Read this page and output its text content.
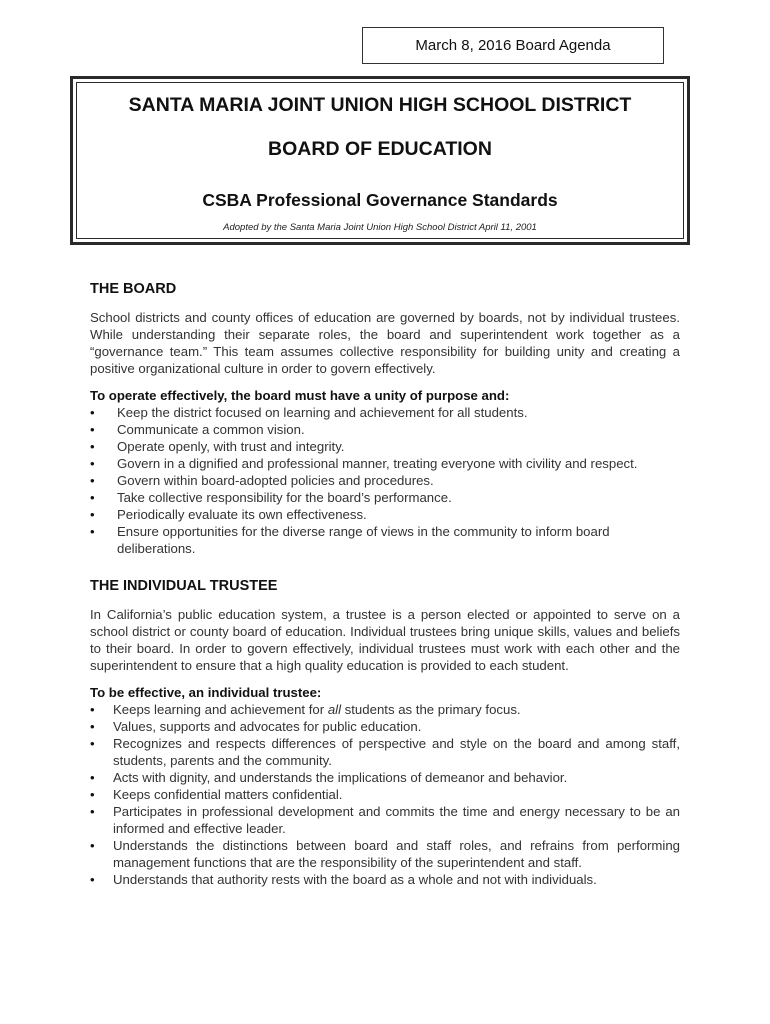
March 8, 2016 Board Agenda
SANTA MARIA JOINT UNION HIGH SCHOOL DISTRICT
BOARD OF EDUCATION
CSBA Professional Governance Standards
Adopted by the Santa Maria Joint Union High School District April 11, 2001
THE BOARD

School districts and county offices of education are governed by boards, not by individual trustees. While understanding their separate roles, the board and superintendent work together as a “governance team.” This team assumes collective responsibility for building unity and creating a positive organizational culture in order to govern effectively.

To operate effectively, the board must have a unity of purpose and:

• Keep the district focused on learning and achievement for all students.
• Communicate a common vision.
• Operate openly, with trust and integrity.
• Govern in a dignified and professional manner, treating everyone with civility and respect.
• Govern within board-adopted policies and procedures.
• Take collective responsibility for the board’s performance.
• Periodically evaluate its own effectiveness.
• Ensure opportunities for the diverse range of views in the community to inform board deliberations.
THE INDIVIDUAL TRUSTEE

In California’s public education system, a trustee is a person elected or appointed to serve on a school district or county board of education. Individual trustees bring unique skills, values and beliefs to their board. In order to govern effectively, individual trustees must work with each other and the superintendent to ensure that a high quality education is provided to each student.

To be effective, an individual trustee:

• Keeps learning and achievement for all students as the primary focus.
• Values, supports and advocates for public education.
• Recognizes and respects differences of perspective and style on the board and among staff, students, parents and the community.
• Acts with dignity, and understands the implications of demeanor and behavior.
• Keeps confidential matters confidential.
• Participates in professional development and commits the time and energy necessary to be an informed and effective leader.
• Understands the distinctions between board and staff roles, and refrains from performing management functions that are the responsibility of the superintendent and staff.
• Understands that authority rests with the board as a whole and not with individuals.
